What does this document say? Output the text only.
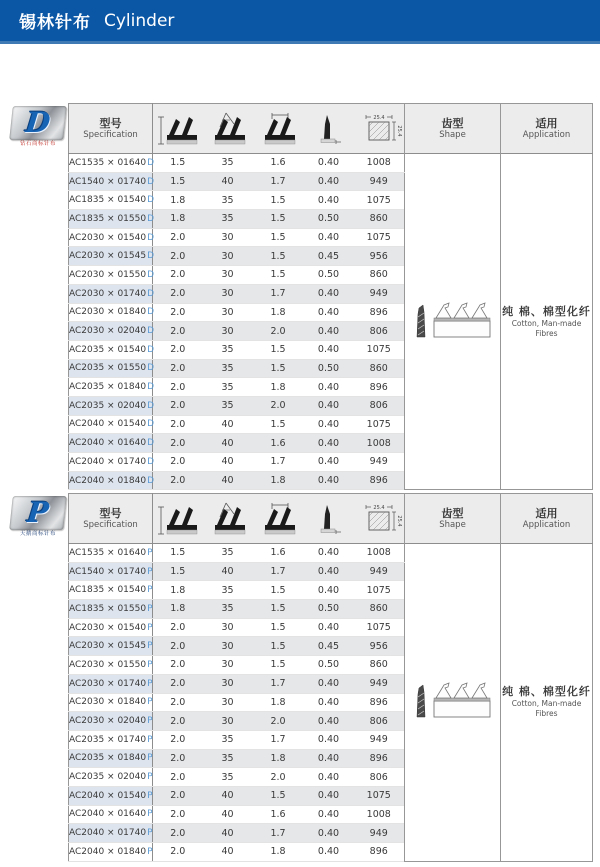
锡林针布 Cylinder
D
钻石商标针布
型号
Specification

25.4
25.4

齿型
Shape

适用
Application

AC1535 × 01640D	1.5	35	1.6	0.40	1008		纯 棉、棉型化纤
Cotton, Man-made Fibres

AC1540 × 01740D	1.5	40	1.7	0.40	949		
AC1835 × 01540D	1.8	35	1.5	0.40	1075		
AC1835 × 01550D	1.8	35	1.5	0.50	860		
AC2030 × 01540D	2.0	30	1.5	0.40	1075		
AC2030 × 01545D	2.0	30	1.5	0.45	956		
AC2030 × 01550D	2.0	30	1.5	0.50	860		
AC2030 × 01740D	2.0	30	1.7	0.40	949		
AC2030 × 01840D	2.0	30	1.8	0.40	896		
AC2030 × 02040D	2.0	30	2.0	0.40	806		
AC2035 × 01540D	2.0	35	1.5	0.40	1075		
AC2035 × 01550D	2.0	35	1.5	0.50	860		
AC2035 × 01840D	2.0	35	1.8	0.40	896		
AC2035 × 02040D	2.0	35	2.0	0.40	806		
AC2040 × 01540D	2.0	40	1.5	0.40	1075		
AC2040 × 01640D	2.0	40	1.6	0.40	1008		
AC2040 × 01740D	2.0	40	1.7	0.40	949		
AC2040 × 01840D	2.0	40	1.8	0.40	896		
P
天鹅商标针布
型号
Specification

25.4
25.4

齿型
Shape

适用
Application

AC1535 × 01640P	1.5	35	1.6	0.40	1008		纯 棉、棉型化纤
Cotton, Man-made Fibres

AC1540 × 01740P	1.5	40	1.7	0.40	949		
AC1835 × 01540P	1.8	35	1.5	0.40	1075		
AC1835 × 01550P	1.8	35	1.5	0.50	860		
AC2030 × 01540P	2.0	30	1.5	0.40	1075		
AC2030 × 01545P	2.0	30	1.5	0.45	956		
AC2030 × 01550P	2.0	30	1.5	0.50	860		
AC2030 × 01740P	2.0	30	1.7	0.40	949		
AC2030 × 01840P	2.0	30	1.8	0.40	896		
AC2030 × 02040P	2.0	30	2.0	0.40	806		
AC2035 × 01740P	2.0	35	1.7	0.40	949		
AC2035 × 01840P	2.0	35	1.8	0.40	896		
AC2035 × 02040P	2.0	35	2.0	0.40	806		
AC2040 × 01540P	2.0	40	1.5	0.40	1075		
AC2040 × 01640P	2.0	40	1.6	0.40	1008		
AC2040 × 01740P	2.0	40	1.7	0.40	949		
AC2040 × 01840P	2.0	40	1.8	0.40	896		
